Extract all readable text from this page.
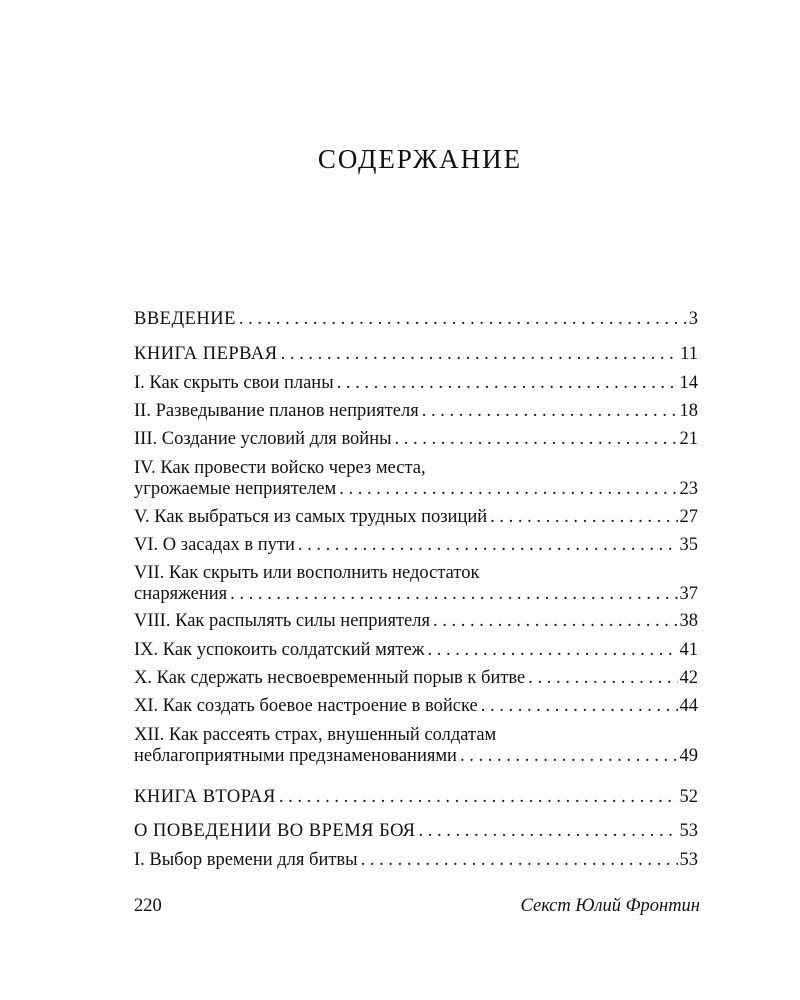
СОДЕРЖАНИЕ
ВВЕДЕНИЕ . . .	3
КНИГА ПЕРВАЯ . . .	11
I. Как скрыть свои планы . . .	14
II. Разведывание планов неприятеля . . .	18
III. Создание условий для войны . . .	21
IV. Как провести войско через места,
угрожаемые неприятелем . . .	23
V. Как выбраться из самых трудных позиций . . .	27
VI. О засадах в пути . . .	35
VII. Как скрыть или восполнить недостаток
снаряжения . . .	37
VIII. Как распылять силы неприятеля . . .	38
IX. Как успокоить солдатский мятеж . . .	41
X. Как сдержать несвоевременный порыв к битве . . .	42
XI. Как создать боевое настроение в войске . . .	44
XII. Как рассеять страх, внушенный солдатам
неблагоприятными предзнаменованиями . . .	49
КНИГА ВТОРАЯ . . .	52
О ПОВЕДЕНИИ ВО ВРЕМЯ БОЯ . . .	53
I. Выбор времени для битвы . . .	53
220	Секст Юлий Фронтин
